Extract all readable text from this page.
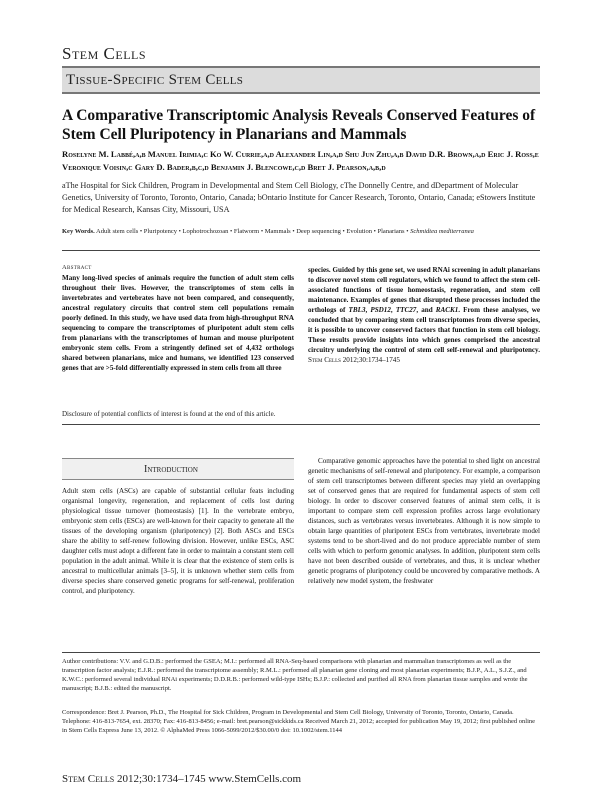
Stem Cells
Tissue-Specific Stem Cells
A Comparative Transcriptomic Analysis Reveals Conserved Features of Stem Cell Pluripotency in Planarians and Mammals
Roselyne M. Labbé,a,b Manuel Irimia,c Ko W. Currie,a,d Alexander Lin,a,d Shu Jun Zhu,a,b David D.R. Brown,a,d Eric J. Ross,e Veronique Voisin,c Gary D. Bader,b,c,d Benjamin J. Blencowe,c,d Bret J. Pearson,a,b,d
aThe Hospital for Sick Children, Program in Developmental and Stem Cell Biology, cThe Donnelly Centre, and dDepartment of Molecular Genetics, University of Toronto, Toronto, Ontario, Canada; bOntario Institute for Cancer Research, Toronto, Ontario, Canada; eStowers Institute for Medical Research, Kansas City, Missouri, USA
Key Words. Adult stem cells • Pluripotency • Lophotrochozoan • Flatworm • Mammals • Deep sequencing • Evolution • Planarians • Schmidtea mediterranea
Abstract
Many long-lived species of animals require the function of adult stem cells throughout their lives. However, the transcriptomes of stem cells in invertebrates and vertebrates have not been compared, and consequently, ancestral regulatory circuits that control stem cell populations remain poorly defined. In this study, we have used data from high-throughput RNA sequencing to compare the transcriptomes of pluripotent adult stem cells from planarians with the transcriptomes of human and mouse pluripotent embryonic stem cells. From a stringently defined set of 4,432 orthologs shared between planarians, mice and humans, we identified 123 conserved genes that are >5-fold differentially expressed in stem cells from all three
species. Guided by this gene set, we used RNAi screening in adult planarians to discover novel stem cell regulators, which we found to affect the stem cell-associated functions of tissue homeostasis, regeneration, and stem cell maintenance. Examples of genes that disrupted these processes included the orthologs of TBL3, PSD12, TTC27, and RACK1. From these analyses, we concluded that by comparing stem cell transcriptomes from diverse species, it is possible to uncover conserved factors that function in stem cell biology. These results provide insights into which genes comprised the ancestral circuitry underlying the control of stem cell self-renewal and pluripotency. Stem Cells 2012;30:1734–1745
Disclosure of potential conflicts of interest is found at the end of this article.
Introduction

Adult stem cells (ASCs) are capable of substantial cellular feats including organismal longevity, regeneration, and replacement of cells lost during physiological tissue turnover (homeostasis) [1]. In the vertebrate embryo, embryonic stem cells (ESCs) are well-known for their capacity to generate all the tissues of the developing organism (pluripotency) [2]. Both ASCs and ESCs share the ability to self-renew following division. However, unlike ESCs, ASC daughter cells must adopt a different fate in order to maintain a constant stem cell population in the adult animal. While it is clear that the existence of stem cells is ancestral to multicellular animals [3–5], it is unknown whether stem cells from diverse species share conserved genetic programs for self-renewal, proliferation control, and pluripotency.

Comparative genomic approaches have the potential to shed light on ancestral genetic mechanisms of self-renewal and pluripotency. For example, a comparison of stem cell transcriptomes between different species may yield an overlapping set of conserved genes that are required for fundamental aspects of stem cell biology. In order to discover conserved features of animal stem cells, it is important to compare stem cell expression profiles across large evolutionary distances, such as vertebrates versus invertebrates. Although it is now simple to obtain large quantities of pluripotent ESCs from vertebrates, invertebrate model systems tend to be short-lived and do not produce appreciable number of stem cells with which to perform genomic analyses. In addition, pluripotent stem cells have not been described outside of vertebrates, and thus, it is unclear whether genetic programs of pluripotency could be uncovered by comparative methods. A relatively new model system, the freshwater

Author contributions: V.V. and G.D.B.: performed the GSEA; M.I.: performed all RNA-Seq-based comparisons with planarian and mammalian transcriptomes as well as the transcription factor analysis; E.J.R.: performed the transcriptome assembly; R.M.L.: performed all planarian gene cloning and most planarian experiments; B.J.P., A.L., S.J.Z., and K.W.C.: performed several individual RNAi experiments; D.D.R.B.: performed wild-type ISHs; B.J.P.: collected and purified all RNA from planarian tissue samples and wrote the manuscript; B.J.B.: edited the manuscript.
Correspondence: Bret J. Pearson, Ph.D., The Hospital for Sick Children, Program in Developmental and Stem Cell Biology, University of Toronto, Toronto, Ontario, Canada. Telephone: 416-813-7654, ext. 28370; Fax: 416-813-8456; e-mail: bret.pearson@sickkids.ca Received March 21, 2012; accepted for publication May 19, 2012; first published online in Stem Cells Express June 13, 2012. © AlphaMed Press 1066-5099/2012/$30.00/0 doi: 10.1002/stem.1144
Stem Cells 2012;30:1734–1745 www.StemCells.com
